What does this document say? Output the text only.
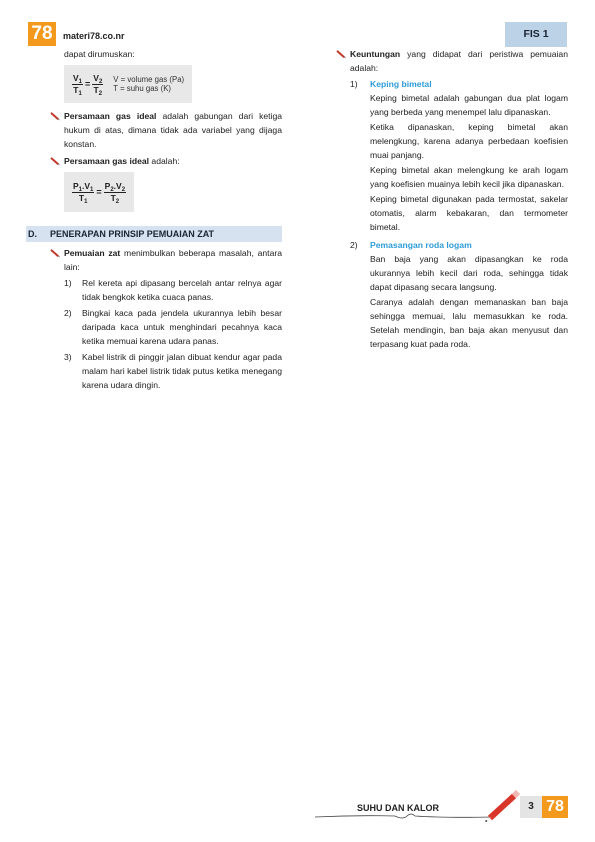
78	materi78.co.nr	FIS 1
dapat dirumuskan:
$\frac{V_1}{T_1} = \frac{V_2}{T_2}$ V = volume gas (Pa)
T = suhu gas (K)
Persamaan gas ideal adalah gabungan dari ketiga hukum di atas, dimana tidak ada variabel yang dijaga konstan.
Persamaan gas ideal adalah:
$\frac{P_1.V_1}{T_1} = \frac{P_2.V_2}{T_2}$
D. PENERAPAN PRINSIP PEMUAIAN ZAT
Pemuaian zat menimbulkan beberapa masalah, antara lain:
1) Rel kereta api dipasang bercelah antar relnya agar tidak bengkok ketika cuaca panas.
2) Bingkai kaca pada jendela ukurannya lebih besar daripada kaca untuk menghindari pecahnya kaca ketika memuai karena udara panas.
3) Kabel listrik di pinggir jalan dibuat kendur agar pada malam hari kabel listrik tidak putus ketika menegang karena udara dingin.
Keuntungan yang didapat dari peristiwa pemuaian adalah:
1) Keping bimetal
Keping bimetal adalah gabungan dua plat logam yang berbeda yang menempel lalu dipanaskan.
Ketika dipanaskan, keping bimetal akan melengkung, karena adanya perbedaan koefisien muai panjang.
Keping bimetal akan melengkung ke arah logam yang koefisien muainya lebih kecil jika dipanaskan.
Keping bimetal digunakan pada termostat, sakelar otomatis, alarm kebakaran, dan termometer bimetal.
2) Pemasangan roda logam
Ban baja yang akan dipasangkan ke roda ukurannya lebih kecil dari roda, sehingga tidak dapat dipasang secara langsung.
Caranya adalah dengan memanaskan ban baja sehingga memuai, lalu memasukkan ke roda. Setelah mendingin, ban baja akan menyusut dan terpasang kuat pada roda.
SUHU DAN KALOR	3 78
